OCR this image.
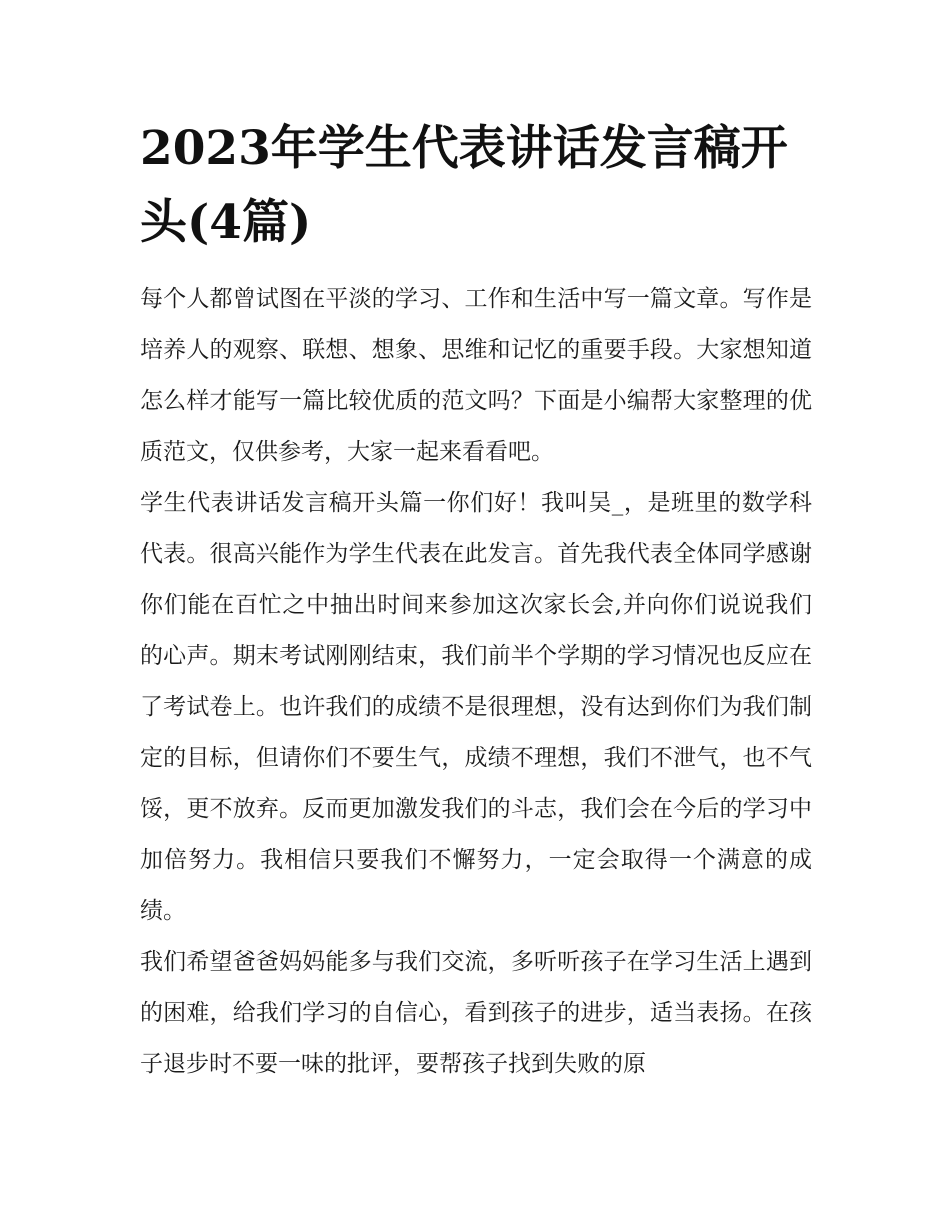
2023年学生代表讲话发言稿开头(4篇)

每个人都曾试图在平淡的学习、工作和生活中写一篇文章。写作是培养人的观察、联想、想象、思维和记忆的重要手段。大家想知道怎么样才能写一篇比较优质的范文吗？下面是小编帮大家整理的优质范文，仅供参考，大家一起来看看吧。

学生代表讲话发言稿开头篇一你们好！我叫吴_，是班里的数学科代表。很高兴能作为学生代表在此发言。首先我代表全体同学感谢你们能在百忙之中抽出时间来参加这次家长会,并向你们说说我们的心声。期末考试刚刚结束，我们前半个学期的学习情况也反应在了考试卷上。也许我们的成绩不是很理想，没有达到你们为我们制定的目标，但请你们不要生气，成绩不理想，我们不泄气，也不气馁，更不放弃。反而更加激发我们的斗志，我们会在今后的学习中加倍努力。我相信只要我们不懈努力，一定会取得一个满意的成绩。

我们希望爸爸妈妈能多与我们交流，多听听孩子在学习生活上遇到的困难，给我们学习的自信心，看到孩子的进步，适当表扬。在孩子退步时不要一味的批评，要帮孩子找到失败的原
